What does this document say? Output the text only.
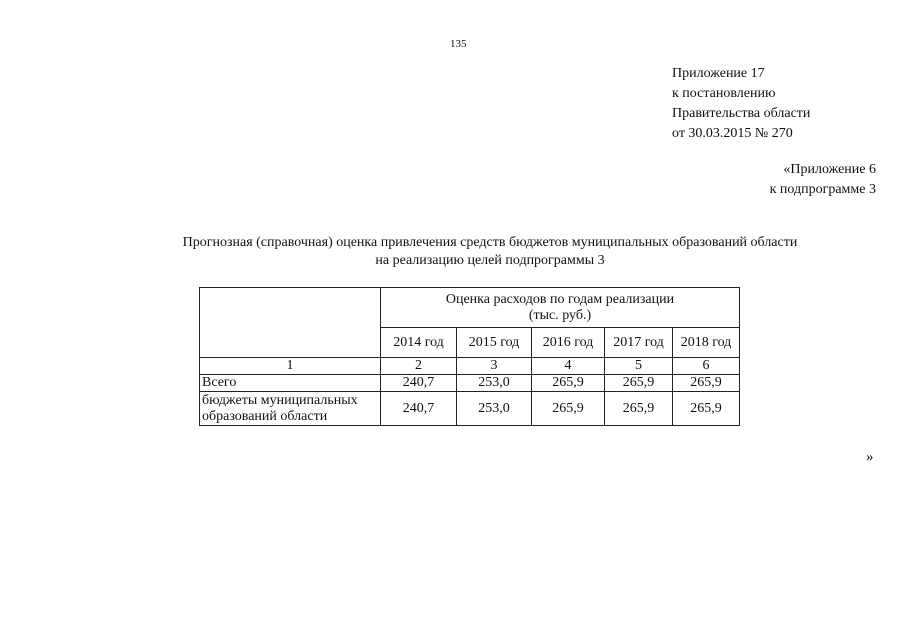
135
Приложение 17
к постановлению
Правительства области
от 30.03.2015 № 270
«Приложение 6
к подпрограмме 3
Прогнозная (справочная) оценка привлечения средств бюджетов муниципальных образований области
на реализацию целей подпрограммы 3

	Оценка расходов по годам реализации
(тыс. руб.)				

	2014 год	2015 год	2016 год	2017 год	2018 год
1	2	3	4	5	6
Всего	240,7	253,0	265,9	265,9	265,9
бюджеты муниципальных образований области	240,7	253,0	265,9	265,9	265,9
»
